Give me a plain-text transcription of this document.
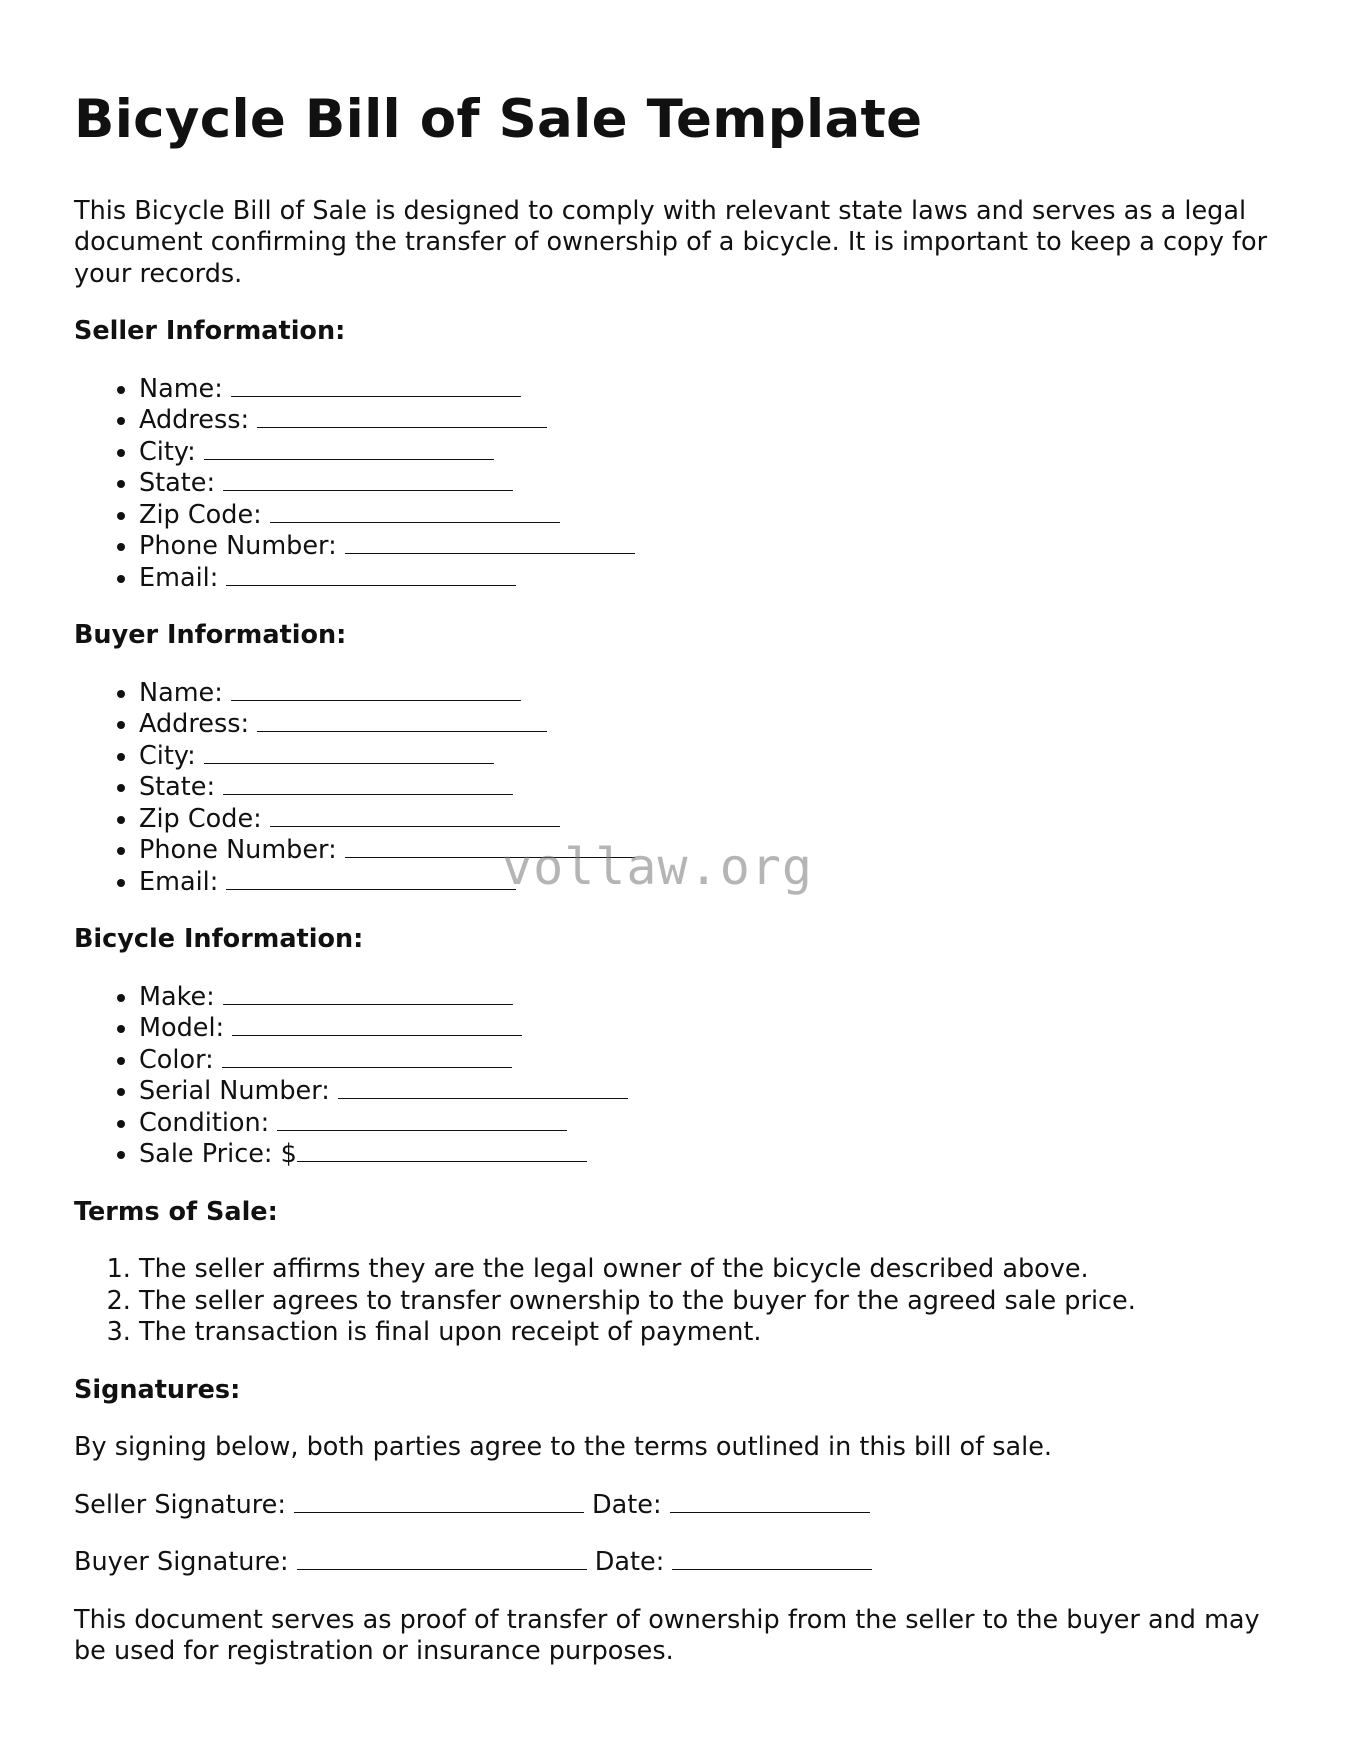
Bicycle Bill of Sale Template

This Bicycle Bill of Sale is designed to comply with relevant state laws and serves as a legal document confirming the transfer of ownership of a bicycle. It is important to keep a copy for your records.

Seller Information:
• Name:
• Address:
• City:
• State:
• Zip Code:
• Phone Number:
• Email:
Buyer Information:
• Name:
• Address:
• City:
• State:
• Zip Code:
• Phone Number:
• Email:
Bicycle Information:
• Make:
• Model:
• Color:
• Serial Number:
• Condition:
• Sale Price: $
Terms of Sale:
1. The seller affirms they are the legal owner of the bicycle described above.
2. The seller agrees to transfer ownership to the buyer for the agreed sale price.
3. The transaction is final upon receipt of payment.
Signatures:

By signing below, both parties agree to the terms outlined in this bill of sale.

Seller Signature:	Date:

Buyer Signature:	Date:

This document serves as proof of transfer of ownership from the seller to the buyer and may be used for registration or insurance purposes.

vollaw.org
